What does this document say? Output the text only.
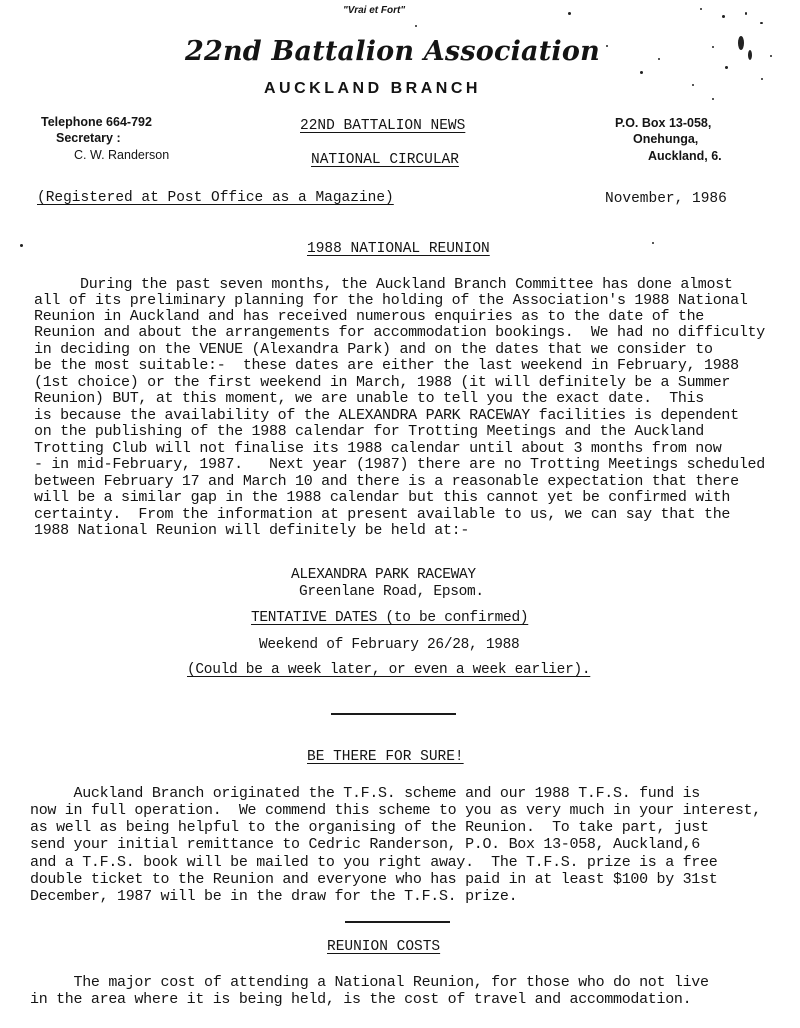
"Vrai et Fort"
22nd Battalion Association
AUCKLAND BRANCH
Telephone 664-792
Secretary :
C. W. Randerson
22ND BATTALION NEWS
NATIONAL CIRCULAR
P.O. Box 13-058,
Onehunga,
Auckland, 6.
(Registered at Post Office as a Magazine)	November, 1986
1988 NATIONAL REUNION
During the past seven months, the Auckland Branch Committee has done almost
all of its preliminary planning for the holding of the Association's 1988 National
Reunion in Auckland and has received numerous enquiries as to the date of the
Reunion and about the arrangements for accommodation bookings.  We had no difficulty
in deciding on the VENUE (Alexandra Park) and on the dates that we consider to
be the most suitable:-  these dates are either the last weekend in February, 1988
(1st choice) or the first weekend in March, 1988 (it will definitely be a Summer
Reunion) BUT, at this moment, we are unable to tell you the exact date.  This
is because the availability of the ALEXANDRA PARK RACEWAY facilities is dependent
on the publishing of the 1988 calendar for Trotting Meetings and the Auckland
Trotting Club will not finalise its 1988 calendar until about 3 months from now
- in mid-February, 1987.   Next year (1987) there are no Trotting Meetings scheduled
between February 17 and March 10 and there is a reasonable expectation that there
will be a similar gap in the 1988 calendar but this cannot yet be confirmed with
certainty.  From the information at present available to us, we can say that the
1988 National Reunion will definitely be held at:-
ALEXANDRA PARK RACEWAY
Greenlane Road, Epsom.
TENTATIVE DATES (to be confirmed)
Weekend of February 26/28, 1988
(Could be a week later, or even a week earlier).
BE THERE FOR SURE!
Auckland Branch originated the T.F.S. scheme and our 1988 T.F.S. fund is
now in full operation.  We commend this scheme to you as very much in your interest,
as well as being helpful to the organising of the Reunion.  To take part, just
send your initial remittance to Cedric Randerson, P.O. Box 13-058, Auckland,6
and a T.F.S. book will be mailed to you right away.  The T.F.S. prize is a free
double ticket to the Reunion and everyone who has paid in at least $100 by 31st
December, 1987 will be in the draw for the T.F.S. prize.
REUNION COSTS
The major cost of attending a National Reunion, for those who do not live
in the area where it is being held, is the cost of travel and accommodation.
